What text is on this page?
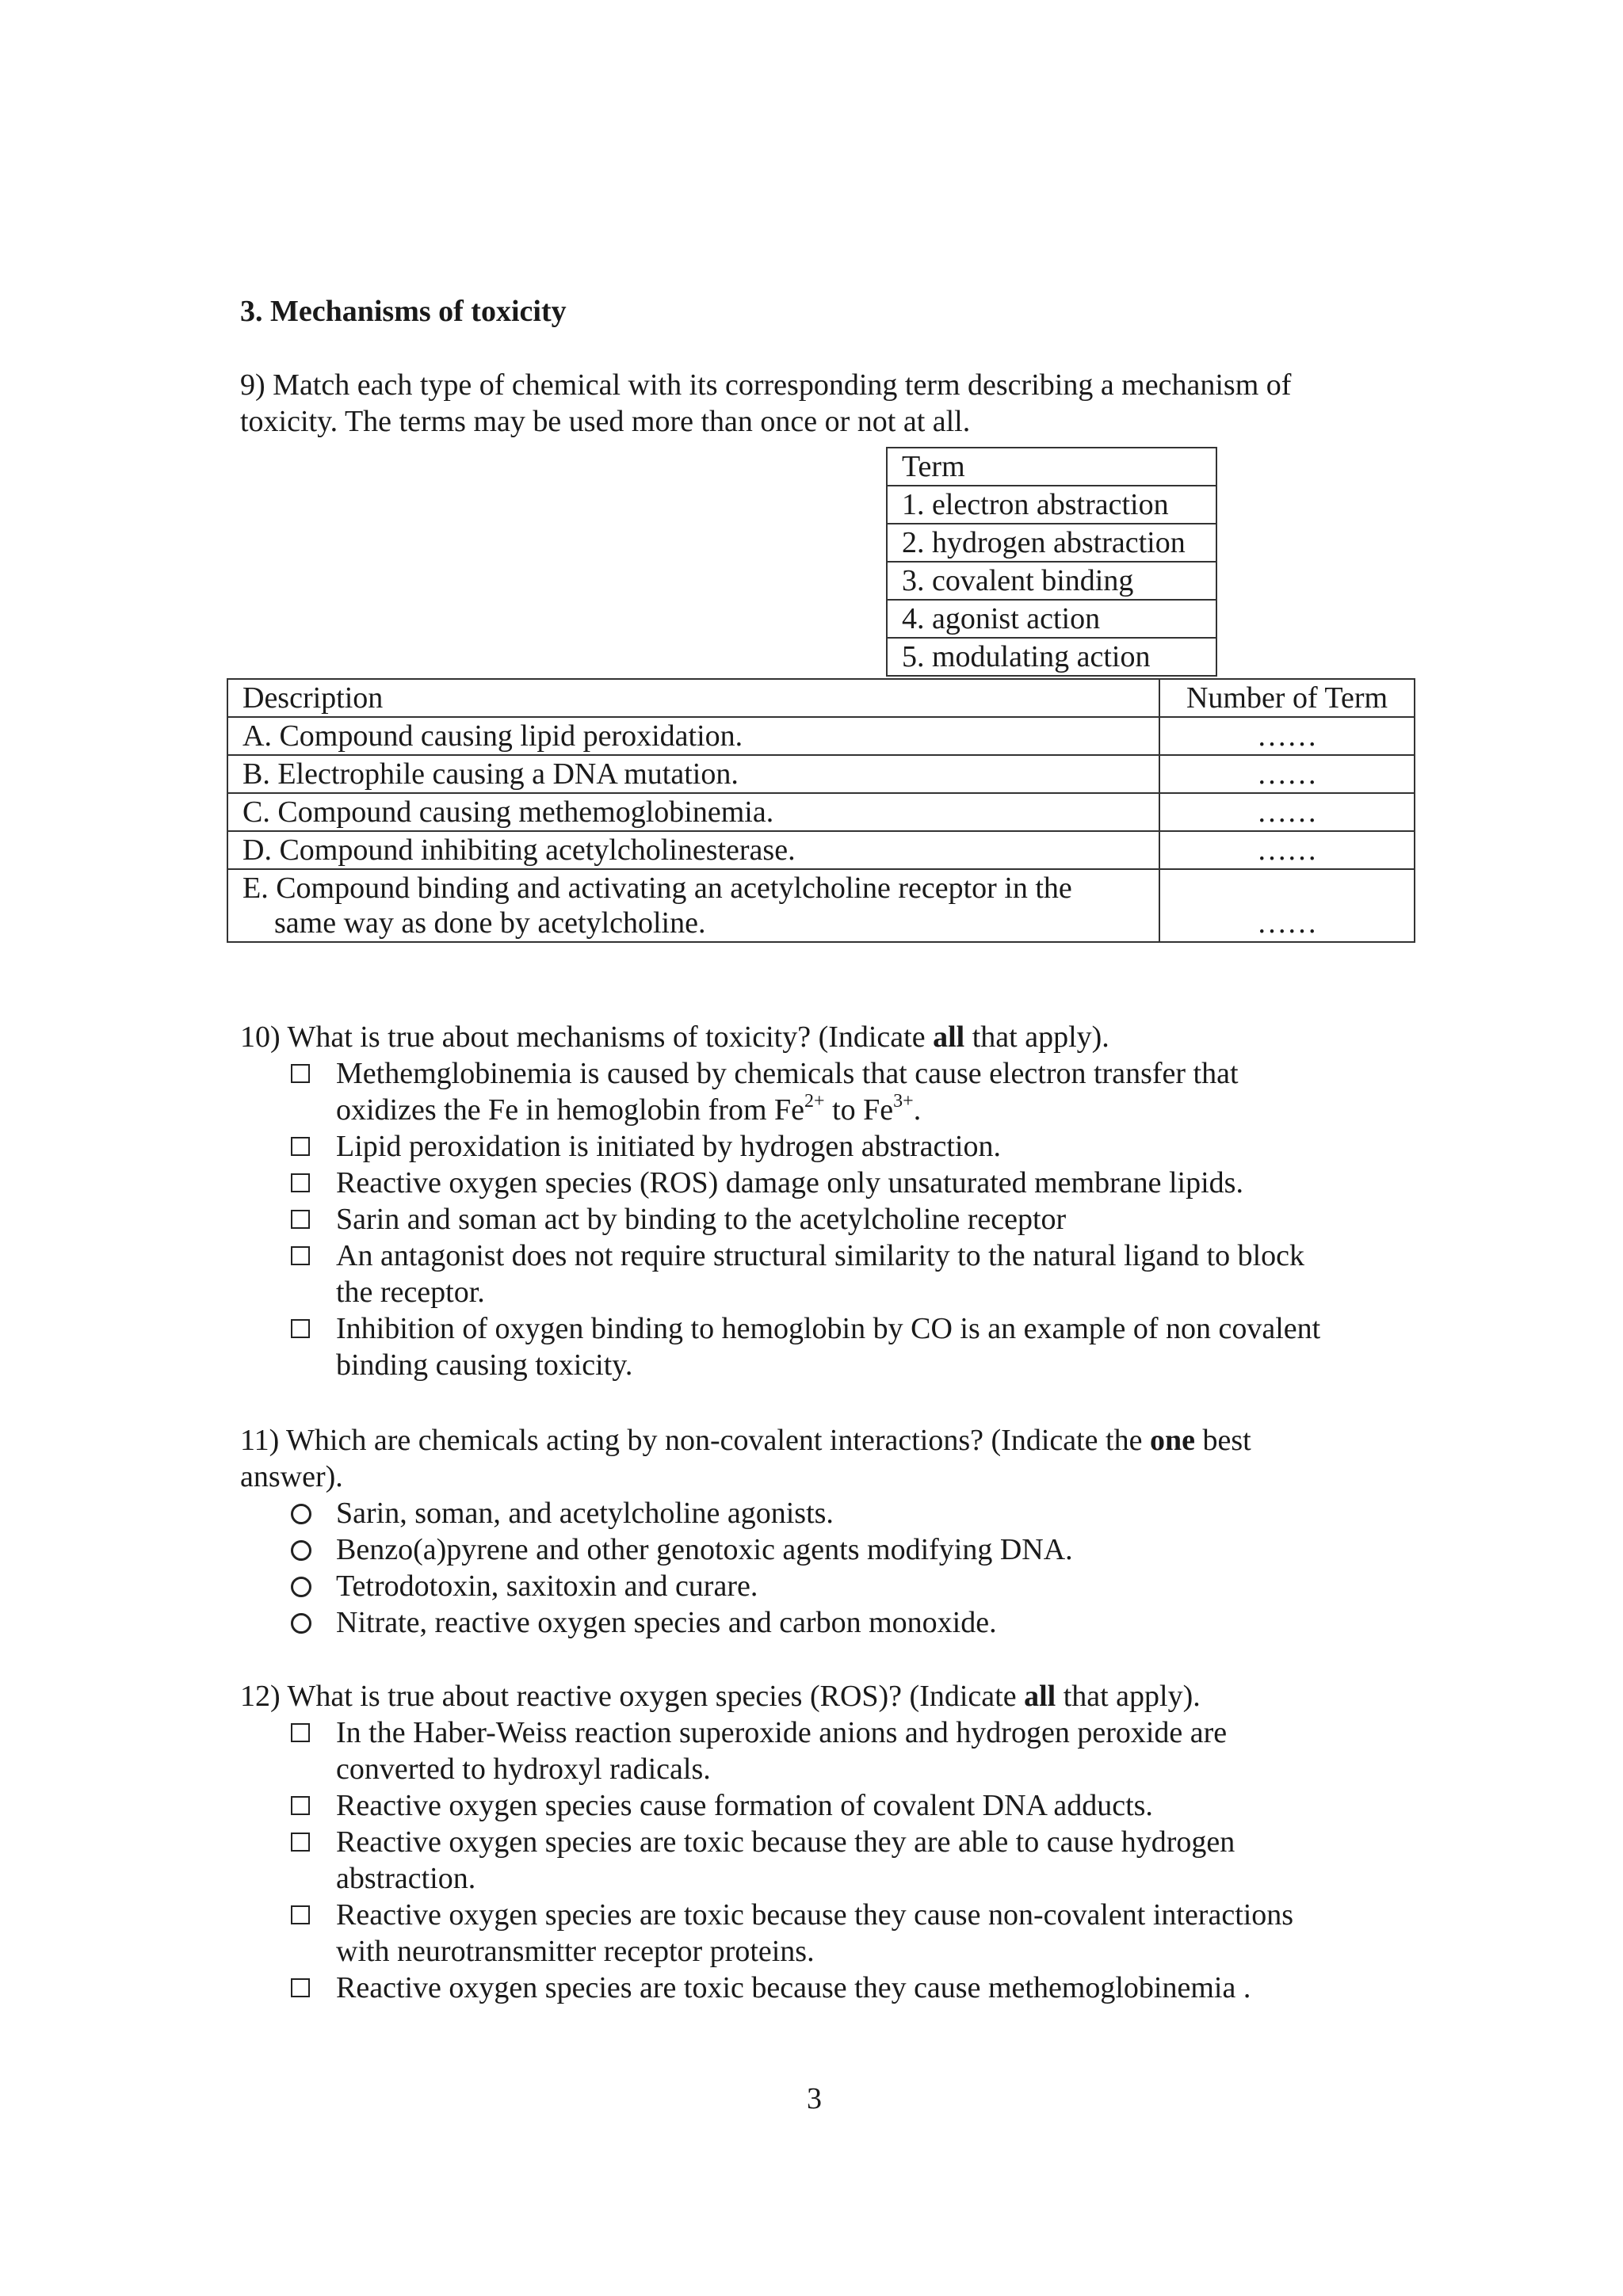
3. Mechanisms of toxicity
9) Match each type of chemical with its corresponding term describing a mechanism of
toxicity. The terms may be used more than once or not at all.
Term
1. electron abstraction
2. hydrogen abstraction
3. covalent binding
4. agonist action
5. modulating action
Description	Number of Term
A. Compound causing lipid peroxidation.	……
B. Electrophile causing a DNA mutation.	……
C. Compound causing methemoglobinemia.	……
D. Compound inhibiting acetylcholinesterase.	……
E. Compound binding and activating an acetylcholine receptor in the
same way as done by acetylcholine.	……
10) What is true about mechanisms of toxicity? (Indicate all that apply).
Methemglobinemia is caused by chemicals that cause electron transfer that
oxidizes the Fe in hemoglobin from $Fe^{2+}$ to $Fe^{3+}$.
Lipid peroxidation is initiated by hydrogen abstraction.
Reactive oxygen species (ROS) damage only unsaturated membrane lipids.
Sarin and soman act by binding to the acetylcholine receptor
An antagonist does not require structural similarity to the natural ligand to block
the receptor.
Inhibition of oxygen binding to hemoglobin by CO is an example of non covalent
binding causing toxicity.
11) Which are chemicals acting by non-covalent interactions? (Indicate the one best
answer).
Sarin, soman, and acetylcholine agonists.
Benzo(a)pyrene and other genotoxic agents modifying DNA.
Tetrodotoxin, saxitoxin and curare.
Nitrate, reactive oxygen species and carbon monoxide.
12) What is true about reactive oxygen species (ROS)? (Indicate all that apply).
In the Haber-Weiss reaction superoxide anions and hydrogen peroxide are
converted to hydroxyl radicals.
Reactive oxygen species cause formation of covalent DNA adducts.
Reactive oxygen species are toxic because they are able to cause hydrogen
abstraction.
Reactive oxygen species are toxic because they cause non-covalent interactions
with neurotransmitter receptor proteins.
Reactive oxygen species are toxic because they cause methemoglobinemia .
3
